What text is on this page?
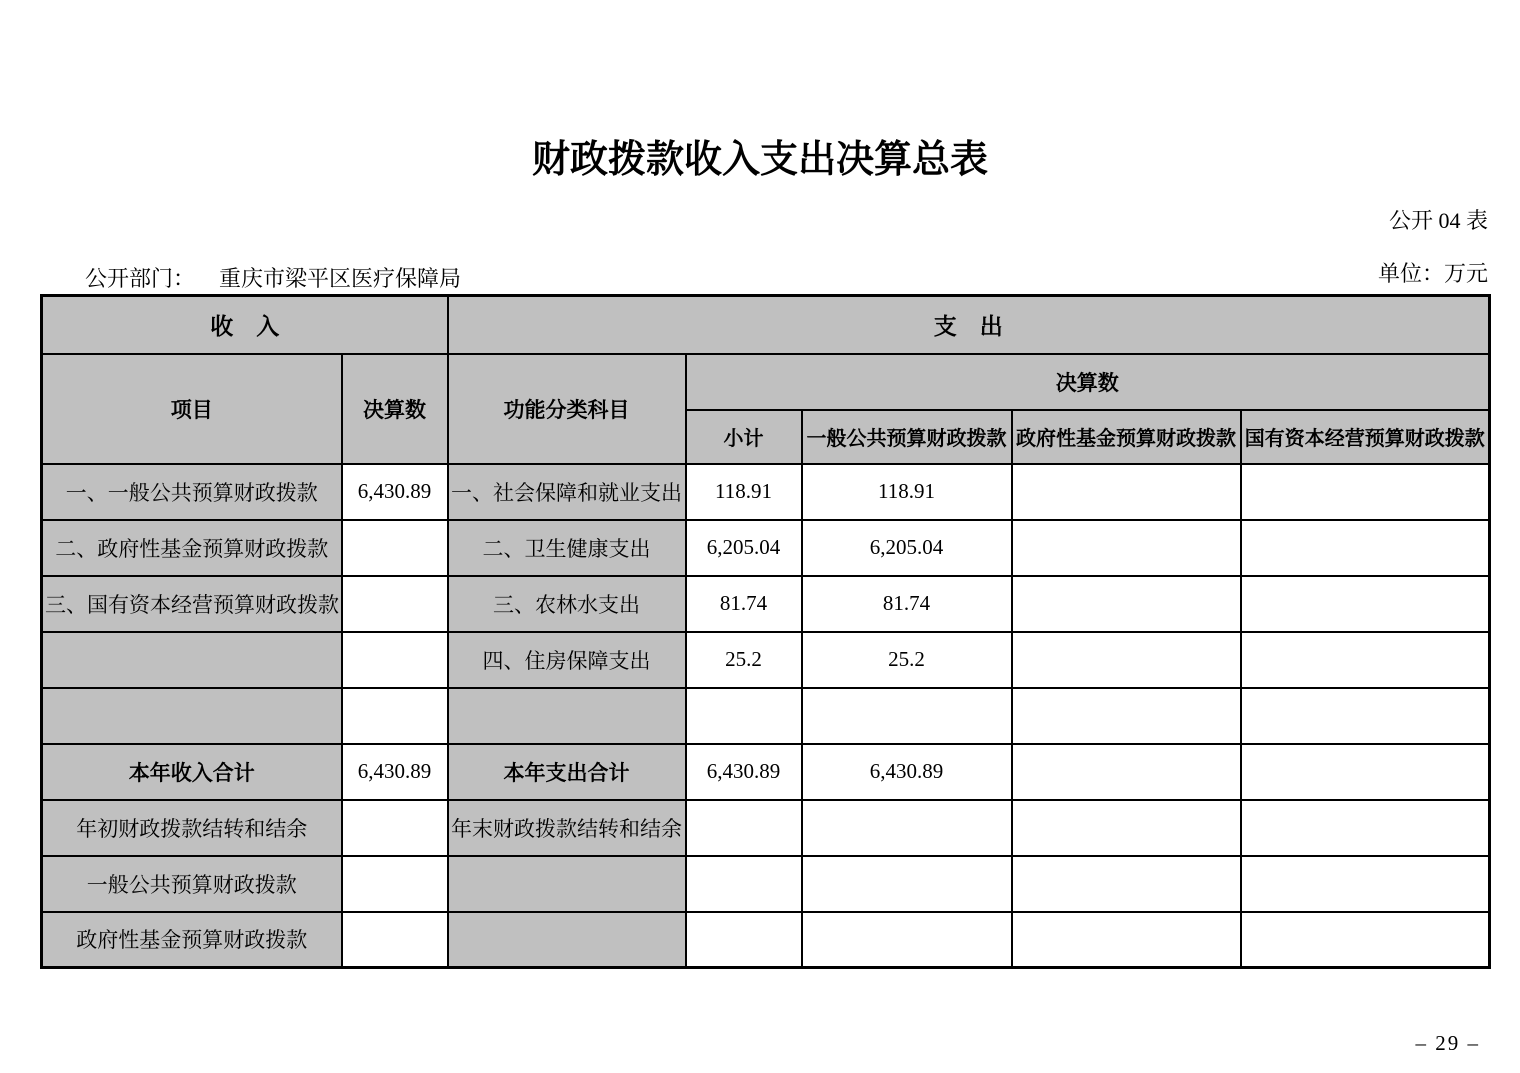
财政拨款收入支出决算总表
公开 04 表
公开部门： 重庆市梁平区医疗保障局	单位：万元
收　入		支　出				
项目	决算数	功能分类科目	决算数			
			小计	一般公共预算财政拨款	政府性基金预算财政拨款	国有资本经营预算财政拨款
一、一般公共预算财政拨款	6,430.89	一、社会保障和就业支出	118.91	118.91		
二、政府性基金预算财政拨款		二、卫生健康支出	6,205.04	6,205.04		
三、国有资本经营预算财政拨款		三、农林水支出	81.74	81.74		
		四、住房保障支出	25.2	25.2		

本年收入合计	6,430.89	本年支出合计	6,430.89	6,430.89		
年初财政拨款结转和结余		年末财政拨款结转和结余				
一般公共预算财政拨款						
政府性基金预算财政拨款						
– 29 –
